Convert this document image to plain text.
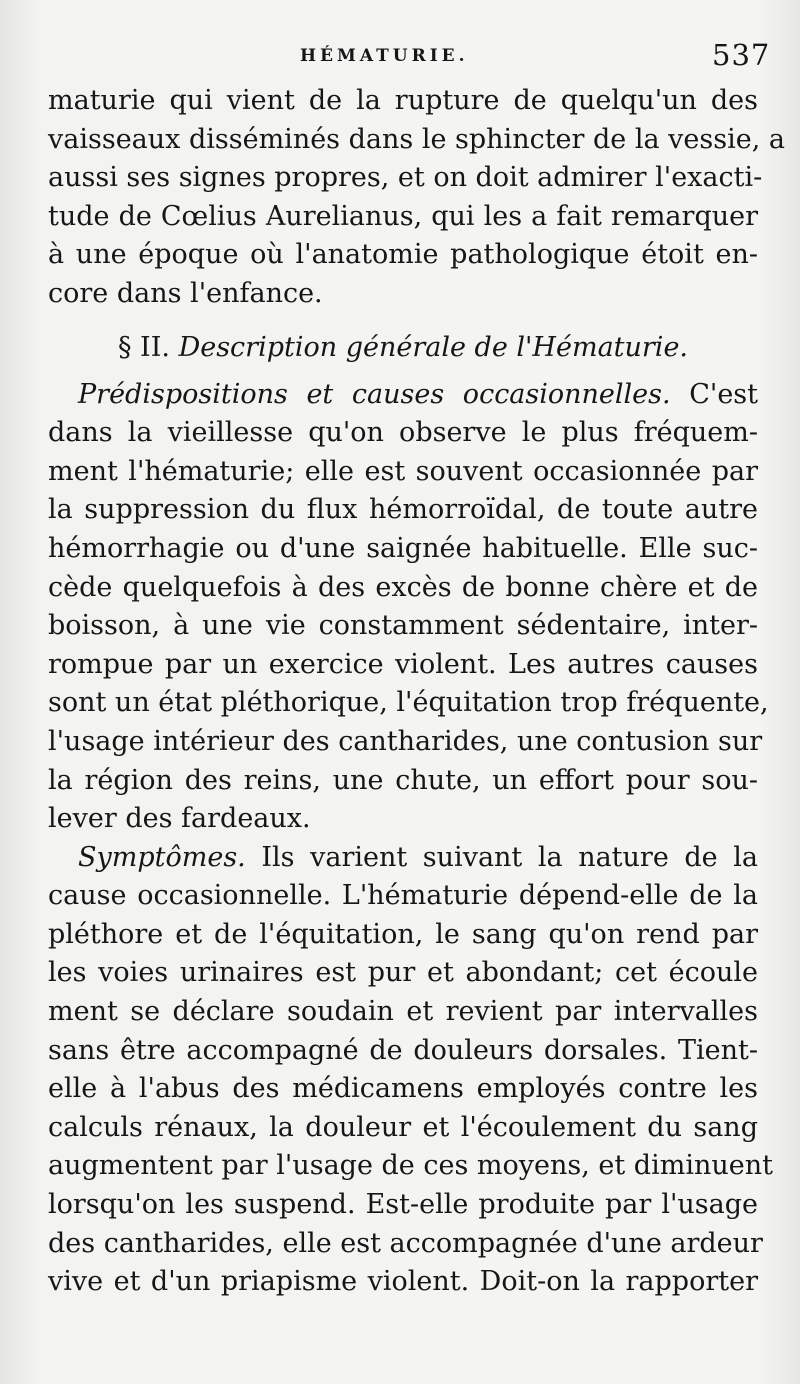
HÉMATURIE.	537
maturie qui vient de la rupture de quelqu'un des
vaisseaux disséminés dans le sphincter de la vessie, a
aussi ses signes propres, et on doit admirer l'exacti-
tude de Cœlius Aurelianus, qui les a fait remarquer
à une époque où l'anatomie pathologique étoit en-
core dans l'enfance.
§ II. Description générale de l'Hématurie.
Prédispositions et causes occasionnelles. C'est
dans la vieillesse qu'on observe le plus fréquem-
ment l'hématurie; elle est souvent occasionnée par
la suppression du flux hémorroïdal, de toute autre
hémorrhagie ou d'une saignée habituelle. Elle suc-
cède quelquefois à des excès de bonne chère et de
boisson, à une vie constamment sédentaire, inter-
rompue par un exercice violent. Les autres causes
sont un état pléthorique, l'équitation trop fréquente,
l'usage intérieur des cantharides, une contusion sur
la région des reins, une chute, un effort pour sou-
lever des fardeaux.
Symptômes. Ils varient suivant la nature de la
cause occasionnelle. L'hématurie dépend-elle de la
pléthore et de l'équitation, le sang qu'on rend par
les voies urinaires est pur et abondant; cet écoule
ment se déclare soudain et revient par intervalles
sans être accompagné de douleurs dorsales. Tient-
elle à l'abus des médicamens employés contre les
calculs rénaux, la douleur et l'écoulement du sang
augmentent par l'usage de ces moyens, et diminuent
lorsqu'on les suspend. Est-elle produite par l'usage
des cantharides, elle est accompagnée d'une ardeur
vive et d'un priapisme violent. Doit-on la rapporter
